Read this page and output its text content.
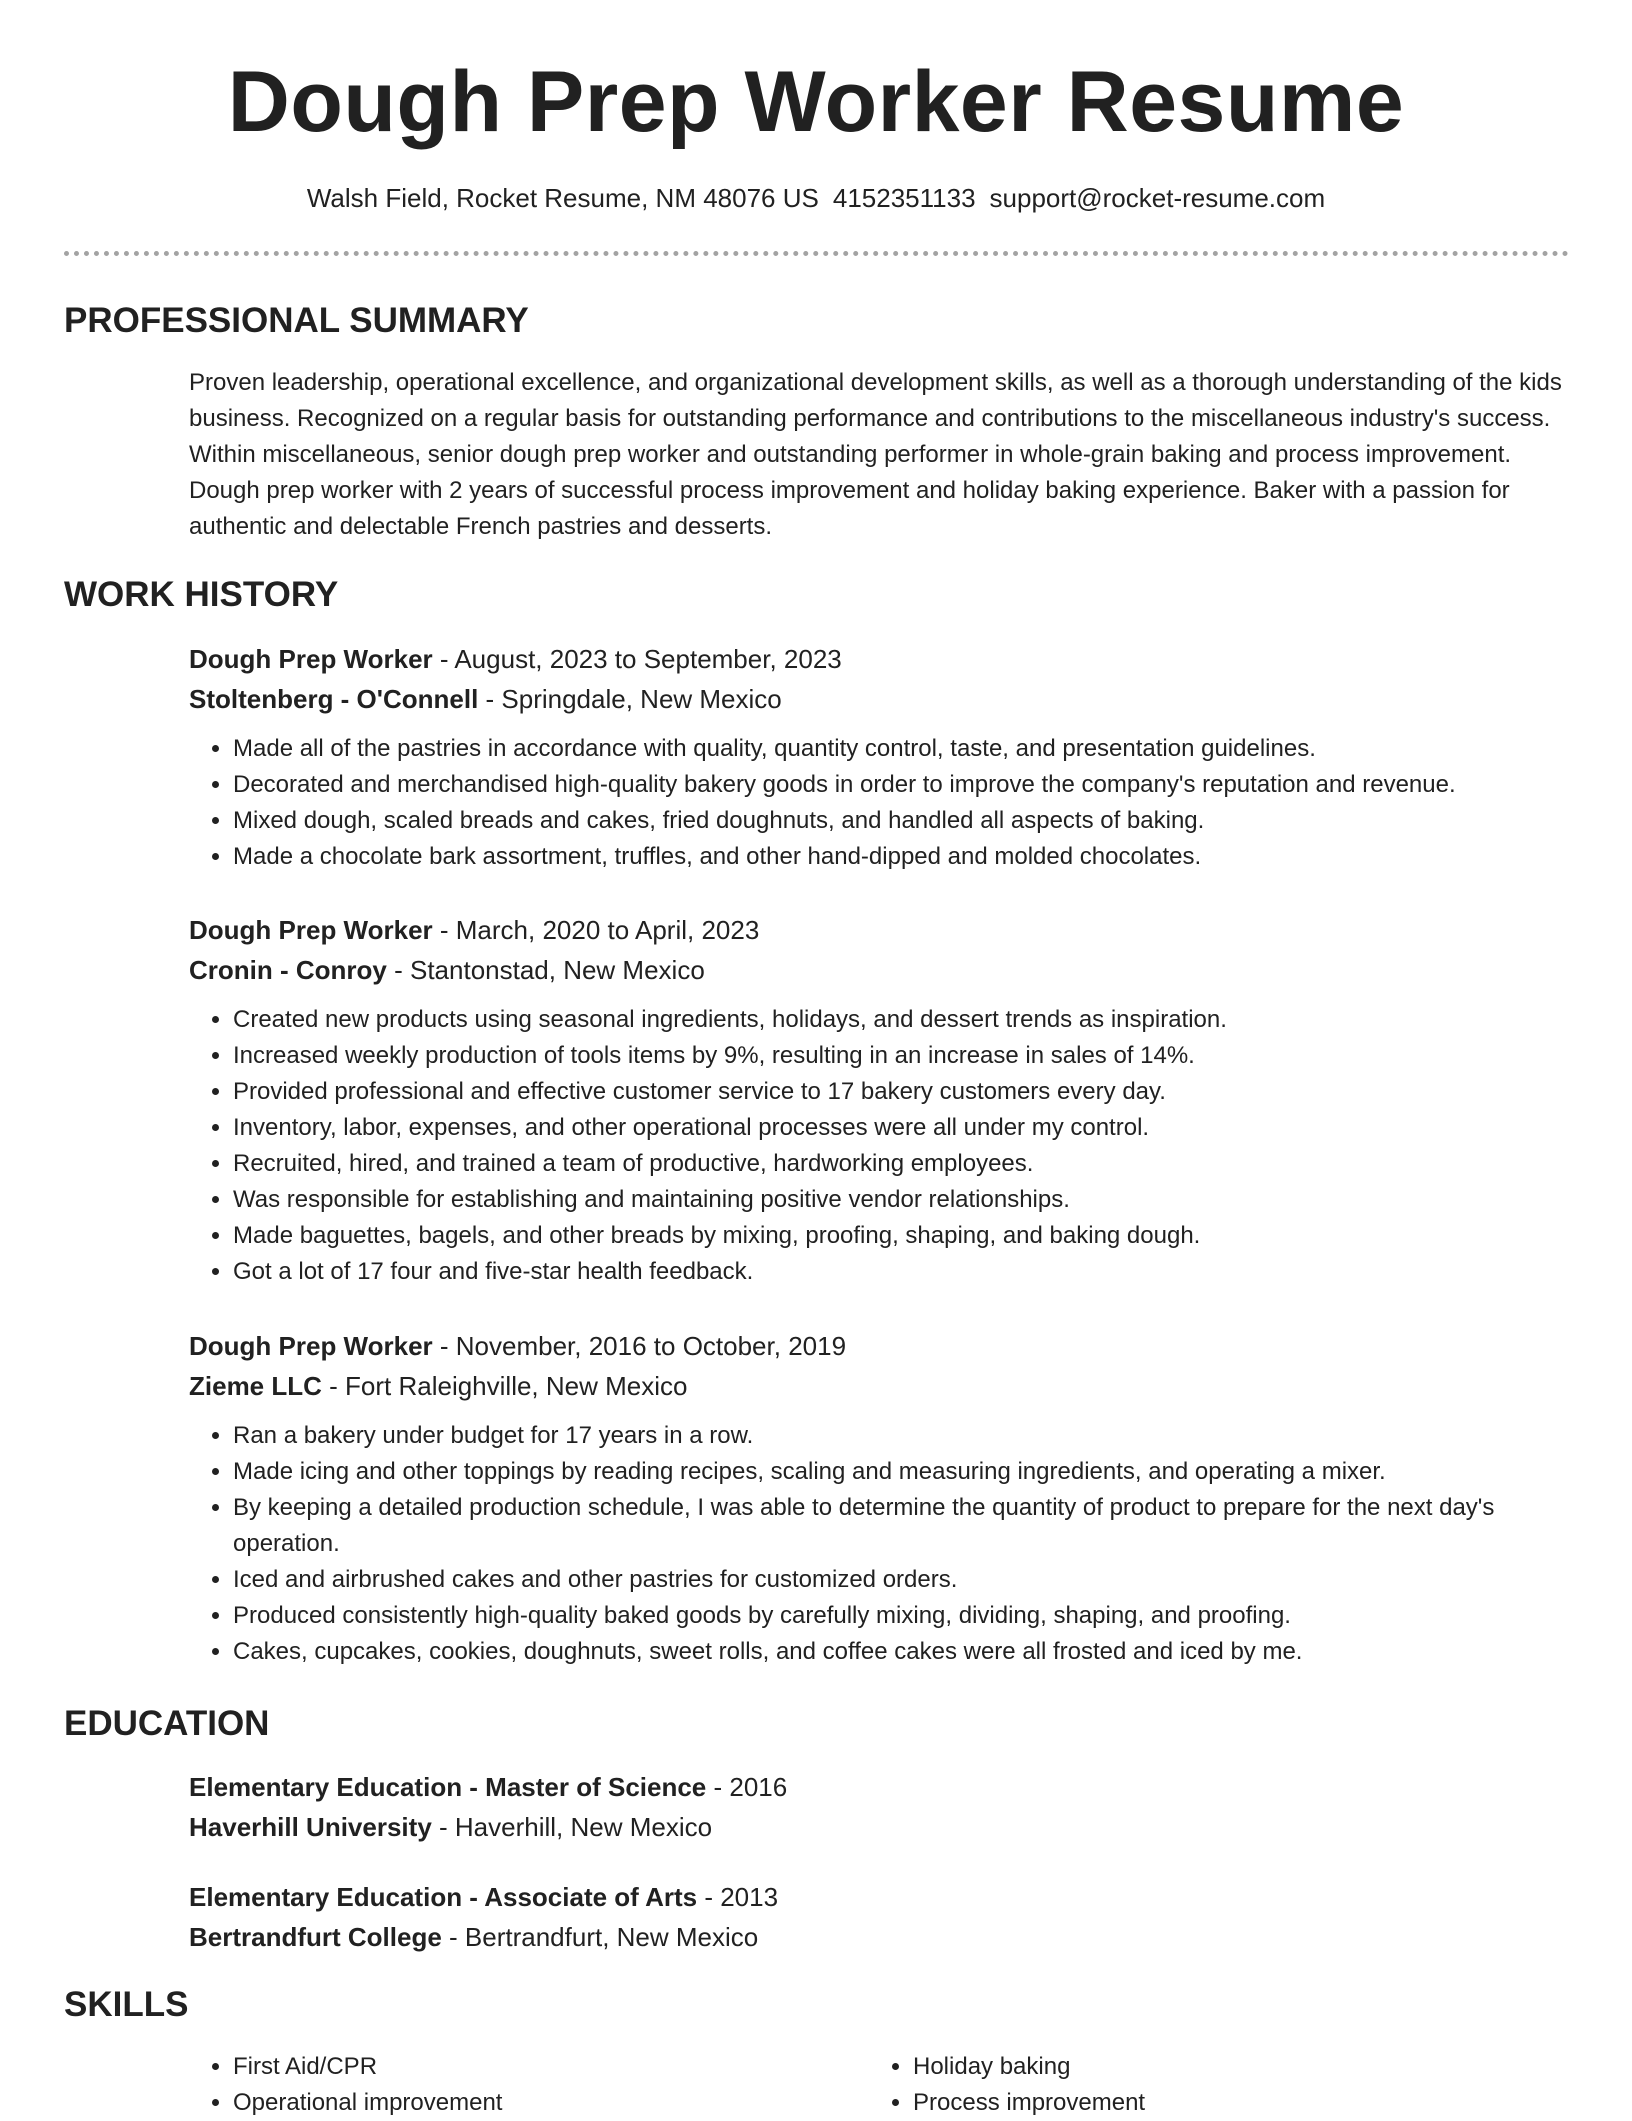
Dough Prep Worker Resume
Walsh Field, Rocket Resume, NM 48076 US 4152351133 support@rocket-resume.com
PROFESSIONAL SUMMARY

Proven leadership, operational excellence, and organizational development skills, as well as a thorough understanding of the kids business. Recognized on a regular basis for outstanding performance and contributions to the miscellaneous industry's success. Within miscellaneous, senior dough prep worker and outstanding performer in whole-grain baking and process improvement. Dough prep worker with 2 years of successful process improvement and holiday baking experience. Baker with a passion for authentic and delectable French pastries and desserts.

WORK HISTORY
Dough Prep Worker - August, 2023 to September, 2023
Stoltenberg - O'Connell - Springdale, New Mexico
• Made all of the pastries in accordance with quality, quantity control, taste, and presentation guidelines.
• Decorated and merchandised high-quality bakery goods in order to improve the company's reputation and revenue.
• Mixed dough, scaled breads and cakes, fried doughnuts, and handled all aspects of baking.
• Made a chocolate bark assortment, truffles, and other hand-dipped and molded chocolates.
Dough Prep Worker - March, 2020 to April, 2023
Cronin - Conroy - Stantonstad, New Mexico
• Created new products using seasonal ingredients, holidays, and dessert trends as inspiration.
• Increased weekly production of tools items by 9%, resulting in an increase in sales of 14%.
• Provided professional and effective customer service to 17 bakery customers every day.
• Inventory, labor, expenses, and other operational processes were all under my control.
• Recruited, hired, and trained a team of productive, hardworking employees.
• Was responsible for establishing and maintaining positive vendor relationships.
• Made baguettes, bagels, and other breads by mixing, proofing, shaping, and baking dough.
• Got a lot of 17 four and five-star health feedback.
Dough Prep Worker - November, 2016 to October, 2019
Zieme LLC - Fort Raleighville, New Mexico
• Ran a bakery under budget for 17 years in a row.
• Made icing and other toppings by reading recipes, scaling and measuring ingredients, and operating a mixer.
• By keeping a detailed production schedule, I was able to determine the quantity of product to prepare for the next day's operation.
• Iced and airbrushed cakes and other pastries for customized orders.
• Produced consistently high-quality baked goods by carefully mixing, dividing, shaping, and proofing.
• Cakes, cupcakes, cookies, doughnuts, sweet rolls, and coffee cakes were all frosted and iced by me.
EDUCATION
Elementary Education - Master of Science - 2016
Haverhill University - Haverhill, New Mexico
Elementary Education - Associate of Arts - 2013
Bertrandfurt College - Bertrandfurt, New Mexico
SKILLS
• First Aid/CPR
• Operational improvement
• Holiday baking
• Process improvement
